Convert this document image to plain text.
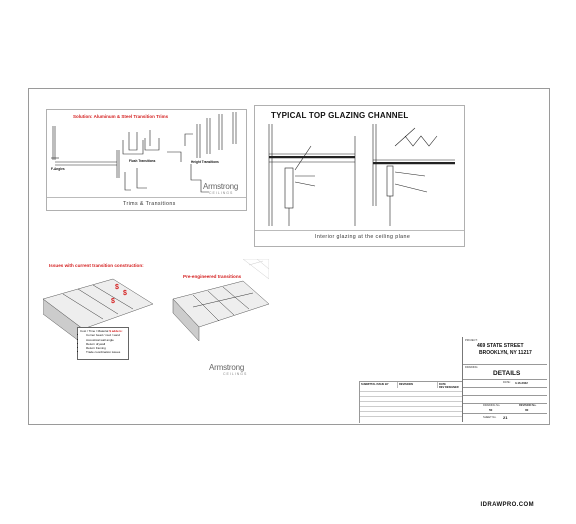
Solution: Aluminum & Steel Transition Trims
F-Angles
Flush Transitions	Height Transitions
Armstrong
CEILINGS
Trims & Transitions
TYPICAL TOP GLAZING CHANNEL
Interior glazing at the ceiling plane
Issues with current transition construction:
Pre-engineered transitions
$
$
$
Armstrong
CEILINGS
Cost / Time / Material $ adders:
• Corner bead / mud / sand
• Acoustical wall angle
• Return drywall
• Return framing
• Trade coordination issues
SUBMITTAL ISSUE BY	REVISIONS	DATE
REV DESIGNER
PROJECT:
469 STATE STREET
BROOKLYN, NY 11217
DRAWING:
DETAILS
DATE: 3-16-2022
DRAWING No.
50
REVISION No.
00
SHEET No. 21
IDRAWPRO.COM
